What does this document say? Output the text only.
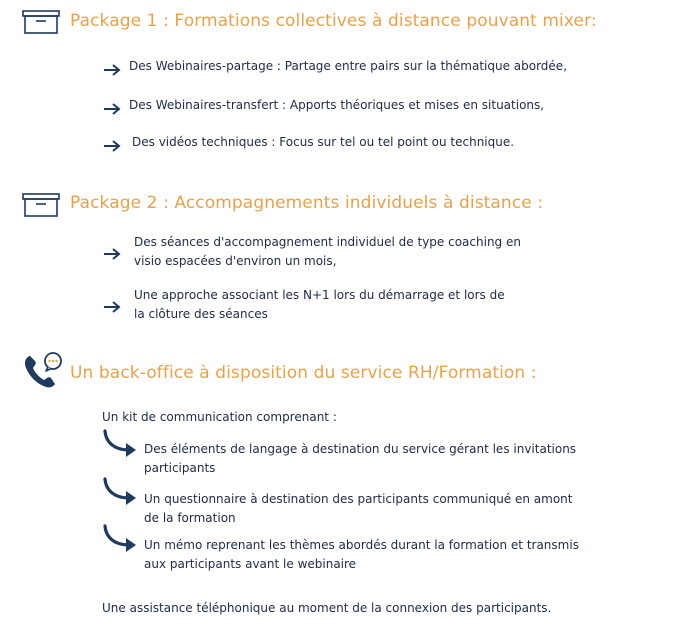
Package 1 : Formations collectives à distance pouvant mixer:
Des Webinaires-partage : Partage entre pairs sur la thématique abordée,
Des Webinaires-transfert : Apports théoriques et mises en situations,
Des vidéos techniques : Focus sur tel ou tel point ou technique.
Package 2 : Accompagnements individuels à distance :
Des séances d'accompagnement individuel de type coaching en
visio espacées d'environ un mois,
Une approche associant les N+1 lors du démarrage et lors de
la clôture des séances
Un back-office à disposition du service RH/Formation :
Un kit de communication comprenant :
Des éléments de langage à destination du service gérant les invitations
participants
Un questionnaire à destination des participants communiqué en amont
de la formation
Un mémo reprenant les thèmes abordés durant la formation et transmis
aux participants avant le webinaire
Une assistance téléphonique au moment de la connexion des participants.
